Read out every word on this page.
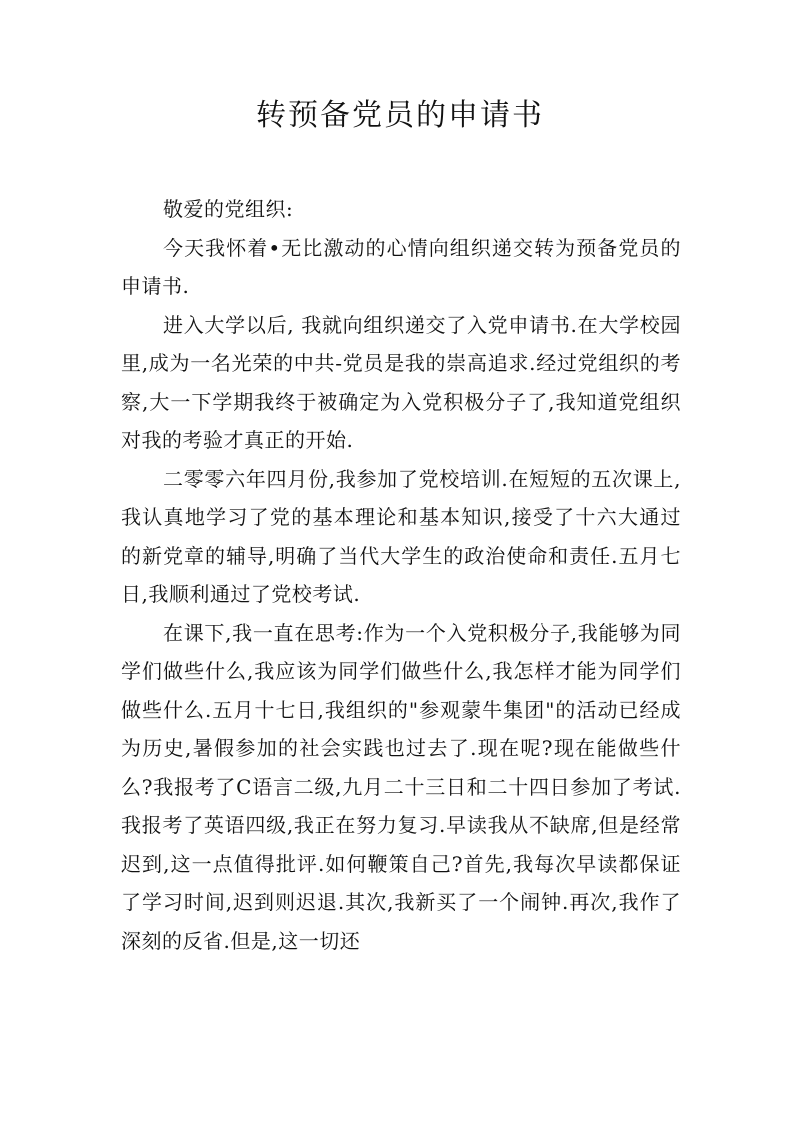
转预备党员的申请书

敬爱的党组织:

今天我怀着•无比激动的心情向组织递交转为预备党员的申请书.

进入大学以后, 我就向组织递交了入党申请书.在大学校园里,成为一名光荣的中共-党员是我的崇高追求.经过党组织的考察,大一下学期我终于被确定为入党积极分子了,我知道党组织对我的考验才真正的开始.

二零零六年四月份,我参加了党校培训.在短短的五次课上,我认真地学习了党的基本理论和基本知识,接受了十六大通过的新党章的辅导,明确了当代大学生的政治使命和责任.五月七日,我顺利通过了党校考试.

在课下,我一直在思考:作为一个入党积极分子,我能够为同学们做些什么,我应该为同学们做些什么,我怎样才能为同学们做些什么.五月十七日,我组织的"参观蒙牛集团"的活动已经成为历史,暑假参加的社会实践也过去了.现在呢?现在能做些什么?我报考了C语言二级,九月二十三日和二十四日参加了考试.我报考了英语四级,我正在努力复习.早读我从不缺席,但是经常迟到,这一点值得批评.如何鞭策自己?首先,我每次早读都保证了学习时间,迟到则迟退.其次,我新买了一个闹钟.再次,我作了深刻的反省.但是,这一切还
